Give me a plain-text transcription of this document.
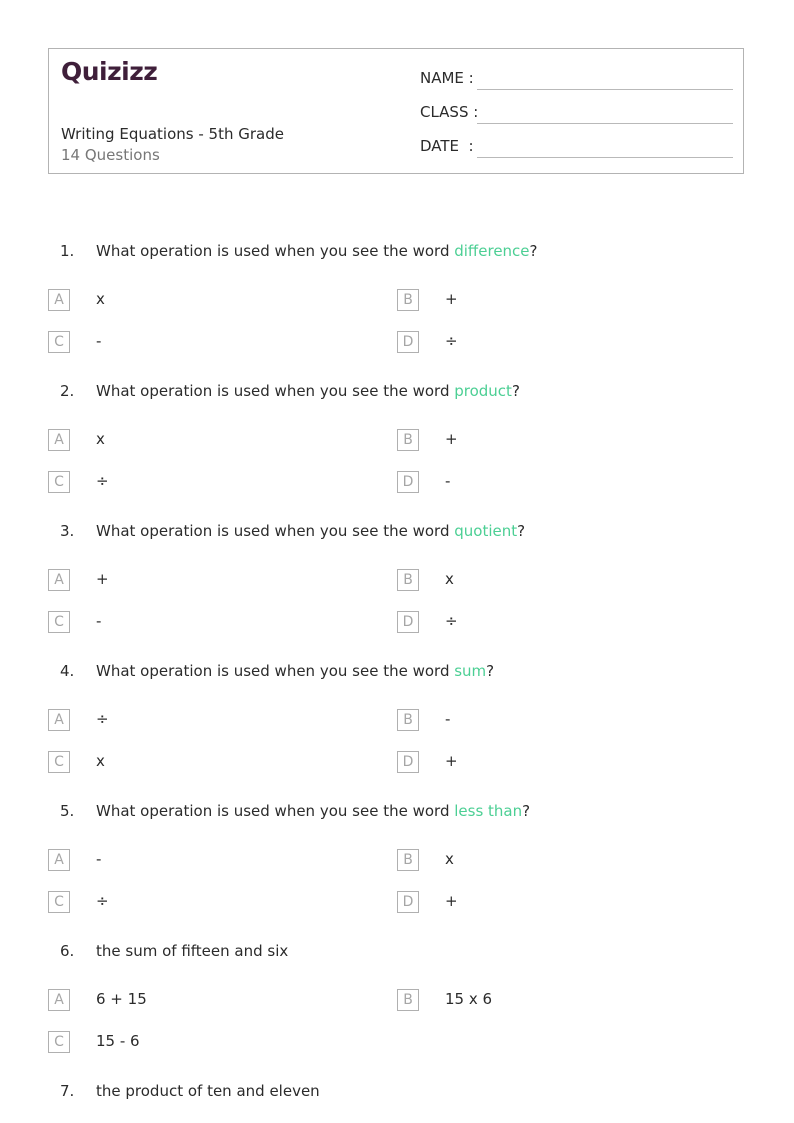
Quizizz
Writing Equations - 5th Grade
14 Questions
NAME :
CLASS :
DATE  :
1. What operation is used when you see the word difference?
A	x	B	+
C	-	D	÷
2. What operation is used when you see the word product?
A	x	B	+
C	÷	D	-
3. What operation is used when you see the word quotient?
A	+	B	x
C	-	D	÷
4. What operation is used when you see the word sum?
A	÷	B	-
C	x	D	+
5. What operation is used when you see the word less than?
A	-	B	x
C	÷	D	+
6. the sum of fifteen and six
A	6 + 15	B	15 x 6
C	15 - 6
7. the product of ten and eleven
